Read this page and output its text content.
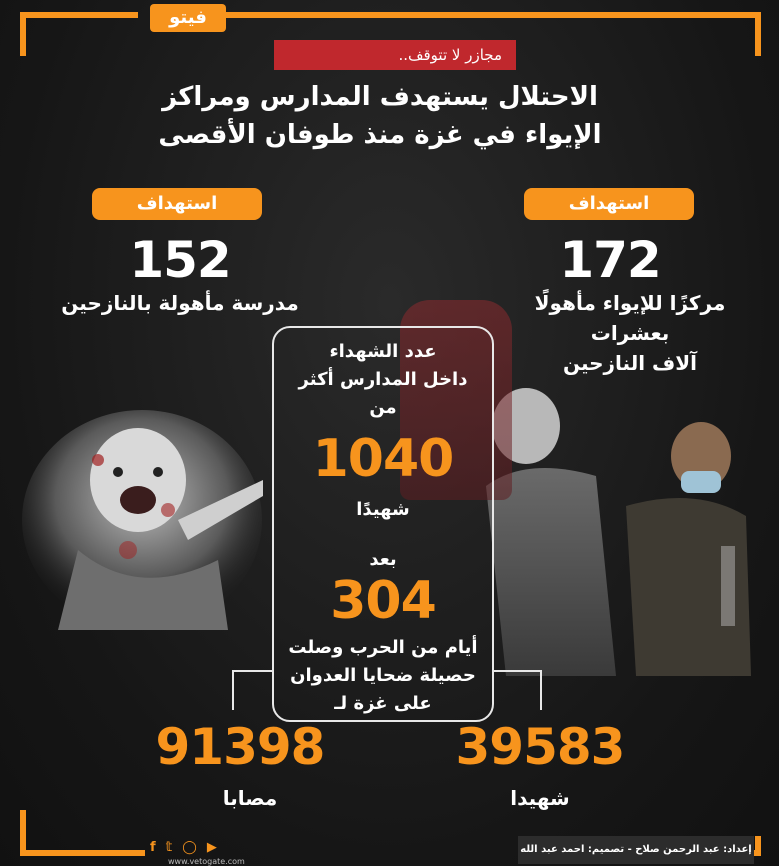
فيتو
مجازر لا تتوقف..
الاحتلال يستهدف المدارس ومراكز
الإيواء في غزة منذ طوفان الأقصى
استهداف
172
مركزًا للإيواء مأهولًا بعشرات
آلاف النازحين
استهداف
152
مدرسة مأهولة بالنازحين
عدد الشهداء
داخل المدارس أكثر
من
1040
شهيدًا
بعد
304
أيام من الحرب وصلت
حصيلة ضحايا العدوان
على غزة لـ
39583
شهيدا
91398
مصابا
f 𝕥 ◯ ▶
www.vetogate.com
إعداد: عبد الرحمن صلاح - تصميم: احمد عبد الله
